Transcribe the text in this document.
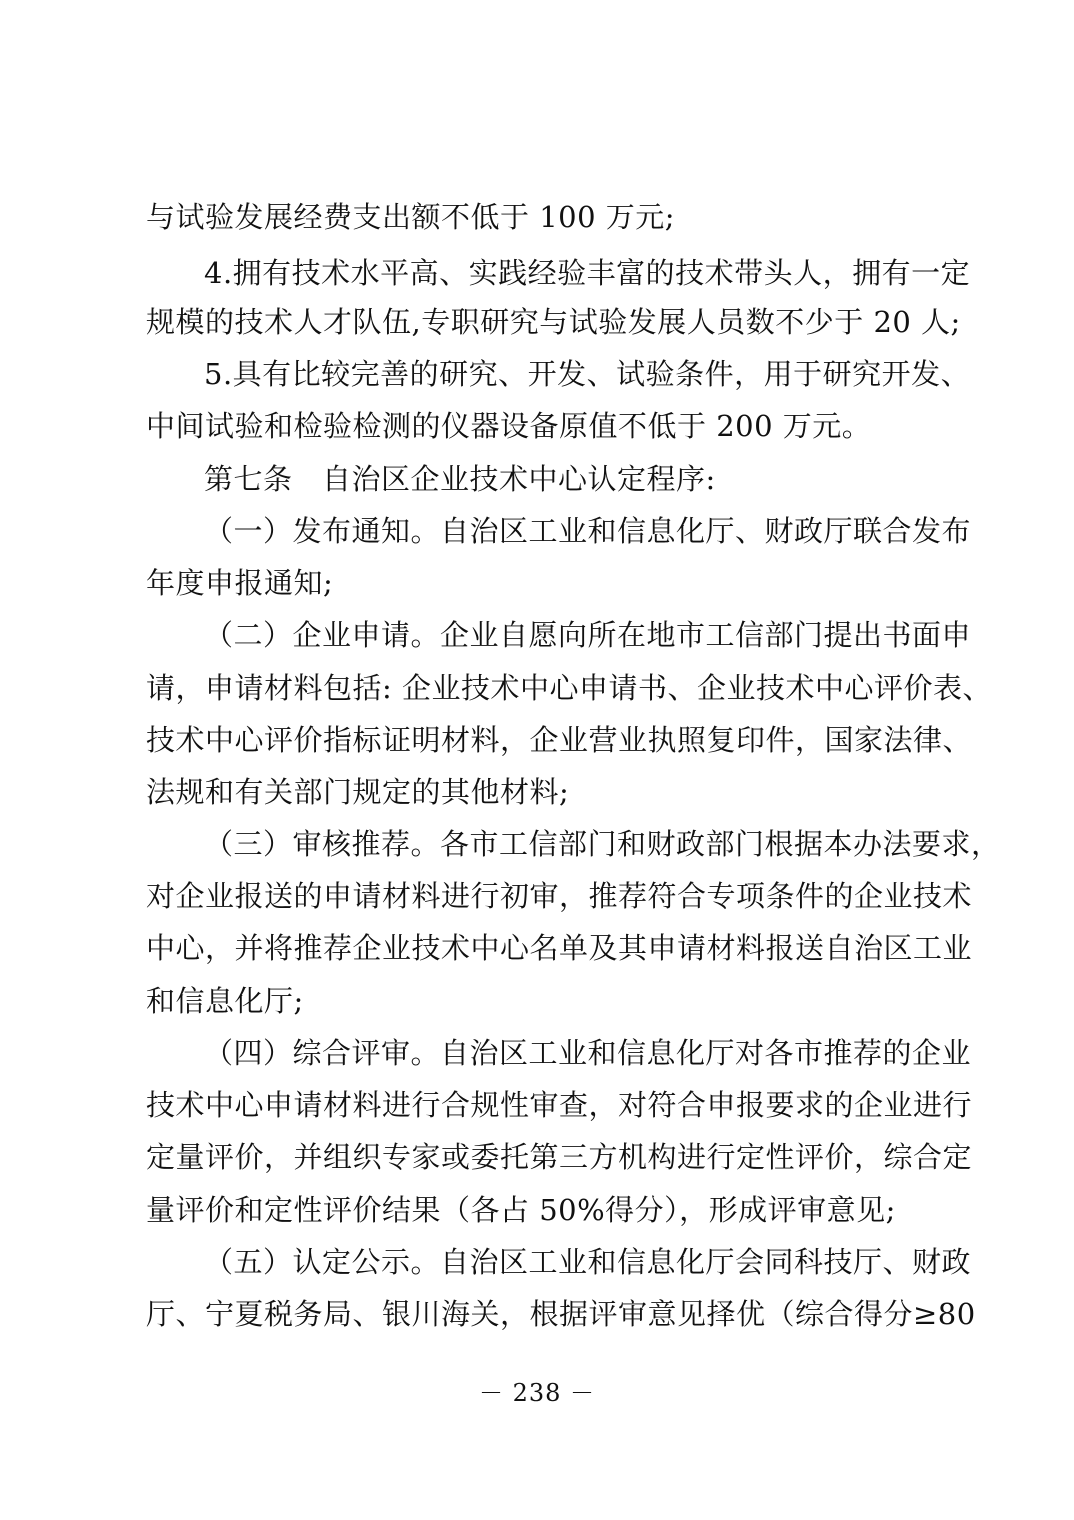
与试验发展经费支出额不低于 100 万元;
4.拥有技术水平高、实践经验丰富的技术带头人，拥有一定
规模的技术人才队伍,专职研究与试验发展人员数不少于 20 人;
5.具有比较完善的研究、开发、试验条件，用于研究开发、
中间试验和检验检测的仪器设备原值不低于 200 万元。
第七条　自治区企业技术中心认定程序:
（一）发布通知。自治区工业和信息化厅、财政厅联合发布
年度申报通知;
（二）企业申请。企业自愿向所在地市工信部门提出书面申
请，申请材料包括: 企业技术中心申请书、企业技术中心评价表、
技术中心评价指标证明材料，企业营业执照复印件，国家法律、
法规和有关部门规定的其他材料;
（三）审核推荐。各市工信部门和财政部门根据本办法要求，
对企业报送的申请材料进行初审，推荐符合专项条件的企业技术
中心，并将推荐企业技术中心名单及其申请材料报送自治区工业
和信息化厅;
（四）综合评审。自治区工业和信息化厅对各市推荐的企业
技术中心申请材料进行合规性审查，对符合申报要求的企业进行
定量评价，并组织专家或委托第三方机构进行定性评价，综合定
量评价和定性评价结果（各占 50%得分），形成评审意见;
（五）认定公示。自治区工业和信息化厅会同科技厅、财政
厅、宁夏税务局、银川海关，根据评审意见择优（综合得分≥80
－ 238 －
